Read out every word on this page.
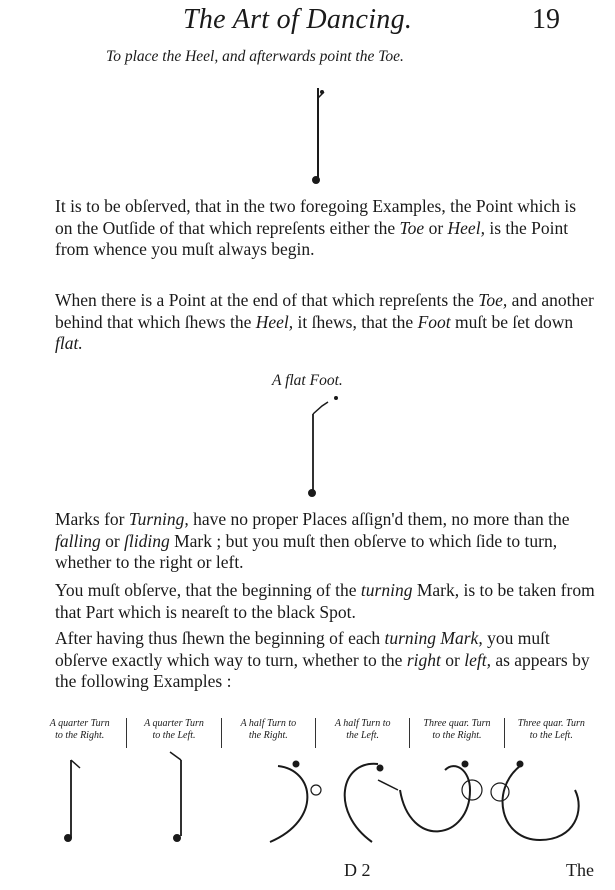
The Art of Dancing.	19
To place the Heel, and afterwards point the Toe.
It is to be obſerved, that in the two foregoing Examples, the Point which is on the Outſide of that which repreſents either the Toe or Heel, is the Point from whence you muſt always begin.
When there is a Point at the end of that which repreſents the Toe, and another behind that which ſhews the Heel, it ſhews, that the Foot muſt be ſet down flat.
A flat Foot.
Marks for Turning, have no proper Places aſſign'd them, no more than the falling or ſliding Mark ; but you muſt then obſerve to which ſide to turn, whether to the right or left.
You muſt obſerve, that the beginning of the turning Mark, is to be taken from that Part which is neareſt to the black Spot.
After having thus ſhewn the beginning of each turning Mark, you muſt obſerve exactly which way to turn, whether to the right or left, as appears by the following Examples :
A quarter Turn
to the Right.
A quarter Turn
to the Left.
A half Turn to
the Right.
A half Turn to
the Left.
Three quar. Turn
to the Right.
Three quar. Turn
to the Left.
D 2	The
